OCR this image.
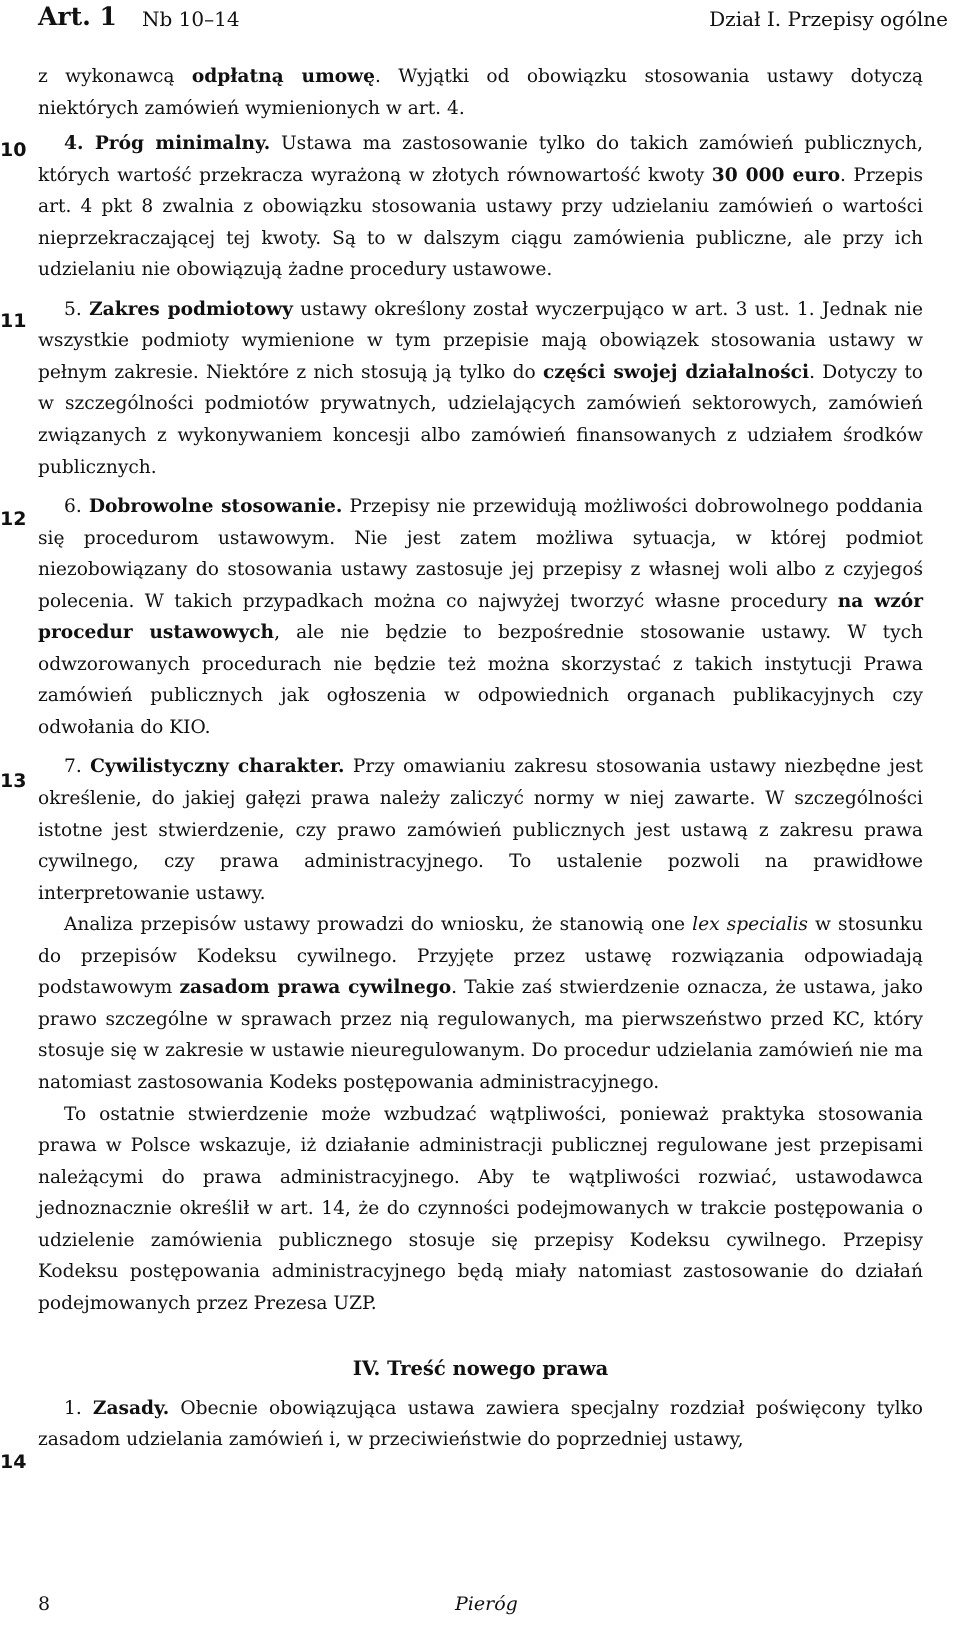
Art. 1 Nb 10–14	Dział I. Przepisy ogólne
10
11
12
13
14

z wykonawcą odpłatną umowę. Wyjątki od obowiązku stosowania ustawy dotyczą niektórych zamówień wymienionych w art. 4.

4. Próg minimalny. Ustawa ma zastosowanie tylko do takich zamówień publicznych, których wartość przekracza wyrażoną w złotych równowartość kwoty 30 000 euro. Przepis art. 4 pkt 8 zwalnia z obowiązku stosowania ustawy przy udzielaniu zamówień o wartości nieprzekraczającej tej kwoty. Są to w dalszym ciągu zamówienia publiczne, ale przy ich udzielaniu nie obowiązują żadne procedury ustawowe.

5. Zakres podmiotowy ustawy określony został wyczerpująco w art. 3 ust. 1. Jednak nie wszystkie podmioty wymienione w tym przepisie mają obowiązek stosowania ustawy w pełnym zakresie. Niektóre z nich stosują ją tylko do części swojej działalności. Dotyczy to w szczególności podmiotów prywatnych, udzielających zamówień sektorowych, zamówień związanych z wykonywaniem koncesji albo zamówień finansowanych z udziałem środków publicznych.

6. Dobrowolne stosowanie. Przepisy nie przewidują możliwości dobrowolnego poddania się procedurom ustawowym. Nie jest zatem możliwa sytuacja, w której podmiot niezobowiązany do stosowania ustawy zastosuje jej przepisy z własnej woli albo z czyjegoś polecenia. W takich przypadkach można co najwyżej tworzyć własne procedury na wzór procedur ustawowych, ale nie będzie to bezpośrednie stosowanie ustawy. W tych odwzorowanych procedurach nie będzie też można skorzystać z takich instytucji Prawa zamówień publicznych jak ogłoszenia w odpowiednich organach publikacyjnych czy odwołania do KIO.

7. Cywilistyczny charakter. Przy omawianiu zakresu stosowania ustawy niezbędne jest określenie, do jakiej gałęzi prawa należy zaliczyć normy w niej zawarte. W szczególności istotne jest stwierdzenie, czy prawo zamówień publicznych jest ustawą z zakresu prawa cywilnego, czy prawa administracyjnego. To ustalenie pozwoli na prawidłowe interpretowanie ustawy.

Analiza przepisów ustawy prowadzi do wniosku, że stanowią one lex specialis w stosunku do przepisów Kodeksu cywilnego. Przyjęte przez ustawę rozwiązania odpowiadają podstawowym zasadom prawa cywilnego. Takie zaś stwierdzenie oznacza, że ustawa, jako prawo szczególne w sprawach przez nią regulowanych, ma pierwszeństwo przed KC, który stosuje się w zakresie w ustawie nieuregulowanym. Do procedur udzielania zamówień nie ma natomiast zastosowania Kodeks postępowania administracyjnego.

To ostatnie stwierdzenie może wzbudzać wątpliwości, ponieważ praktyka stosowania prawa w Polsce wskazuje, iż działanie administracji publicznej regulowane jest przepisami należącymi do prawa administracyjnego. Aby te wątpliwości rozwiać, ustawodawca jednoznacznie określił w art. 14, że do czynności podejmowanych w trakcie postępowania o udzielenie zamówienia publicznego stosuje się przepisy Kodeksu cywilnego. Przepisy Kodeksu postępowania administracyjnego będą miały natomiast zastosowanie do działań podejmowanych przez Prezesa UZP.

IV. Treść nowego prawa

1. Zasady. Obecnie obowiązująca ustawa zawiera specjalny rozdział poświęcony tylko zasadom udzielania zamówień i, w przeciwieństwie do poprzedniej ustawy,

8	Pieróg
